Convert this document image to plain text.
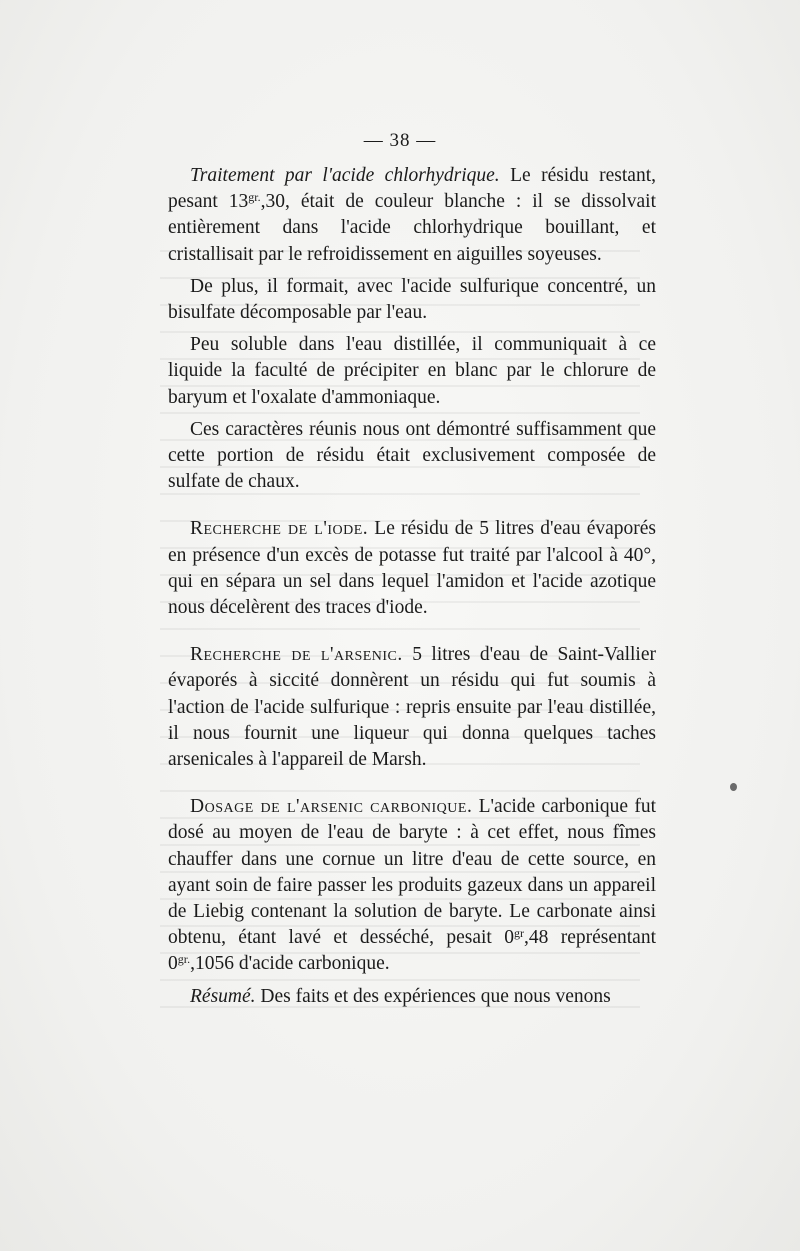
— 38 —

Traitement par l'acide chlorhydrique. Le résidu restant, pesant $13^{gr.},30$, était de couleur blanche : il se dissolvait entièrement dans l'acide chlorhydrique bouillant, et cristallisait par le refroidissement en aiguilles soyeuses.

De plus, il formait, avec l'acide sulfurique concentré, un bisulfate décomposable par l'eau.

Peu soluble dans l'eau distillée, il communiquait à ce liquide la faculté de précipiter en blanc par le chlorure de baryum et l'oxalate d'ammoniaque.

Ces caractères réunis nous ont démontré suffisamment que cette portion de résidu était exclusivement composée de sulfate de chaux.

Recherche de l'iode. Le résidu de 5 litres d'eau évaporés en présence d'un excès de potasse fut traité par l'alcool à 40°, qui en sépara un sel dans lequel l'amidon et l'acide azotique nous décelèrent des traces d'iode.

Recherche de l'arsenic. 5 litres d'eau de Saint-Vallier évaporés à siccité donnèrent un résidu qui fut soumis à l'action de l'acide sulfurique : repris ensuite par l'eau distillée, il nous fournit une liqueur qui donna quelques taches arsenicales à l'appareil de Marsh.

Dosage de l'arsenic carbonique. L'acide carbonique fut dosé au moyen de l'eau de baryte : à cet effet, nous fîmes chauffer dans une cornue un litre d'eau de cette source, en ayant soin de faire passer les produits gazeux dans un appareil de Liebig contenant la solution de baryte. Le carbonate ainsi obtenu, étant lavé et desséché, pesait $0^{gr},48$ représentant $0^{gr.},1056$ d'acide carbonique.

Résumé. Des faits et des expériences que nous venons
